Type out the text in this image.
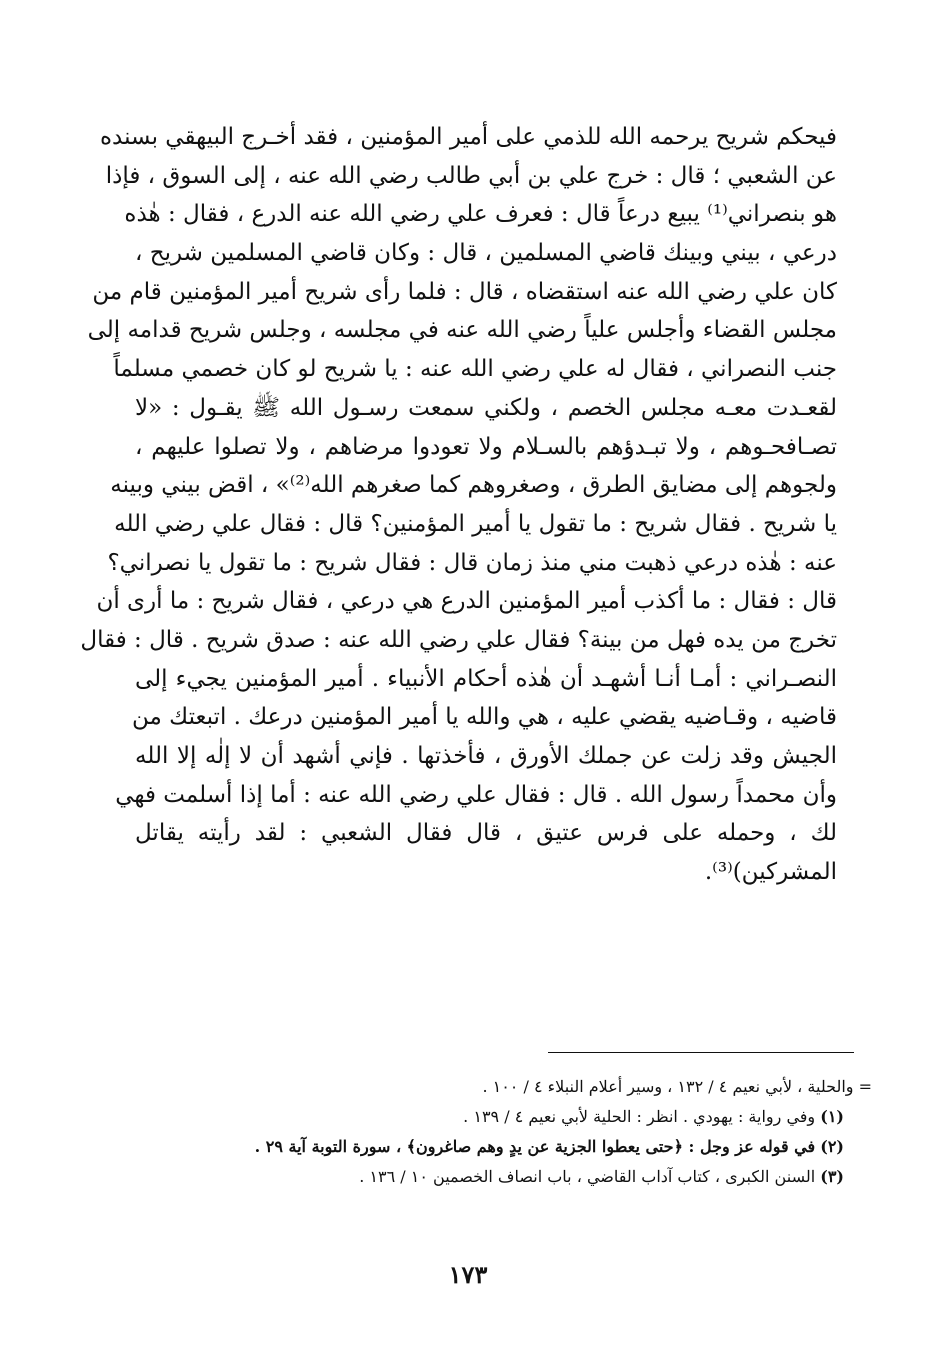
فيحكم شريح يرحمه الله للذمي على أمير المؤمنين ، فقد أخـرج البيهقي بسنده
عن الشعبي ؛ قال : خرج علي بن أبي طالب رضي الله عنه ، إلى السوق ، فإذا
هو بنصراني⁽¹⁾ يبيع درعاً قال : فعرف علي رضي الله عنه الدرع ، فقال : هٰذه
درعي ، بيني وبينك قاضي المسلمين ، قال : وكان قاضي المسلمين شريح ،
كان علي رضي الله عنه استقضاه ، قال : فلما رأى شريح أمير المؤمنين قام من
مجلس القضاء وأجلس علياً رضي الله عنه في مجلسه ، وجلس شريح قدامه إلى
جنب النصراني ، فقال له علي رضي الله عنه : يا شريح لو كان خصمي مسلماً
لقعـدت معـه مجلس الخصم ، ولكني سمعت رسـول الله ﷺ يقـول : «لا
تصـافحـوهم ، ولا تبـدؤهم بالسـلام ولا تعودوا مرضاهم ، ولا تصلوا عليهم ،
ولجوهم إلى مضايق الطرق ، وصغروهم كما صغرهم الله⁽²⁾» ، اقض بيني وبينه
يا شريح . فقال شريح : ما تقول يا أمير المؤمنين؟ قال : فقال علي رضي الله
عنه : هٰذه درعي ذهبت مني منذ زمان قال : فقال شريح : ما تقول يا نصراني؟
قال : فقال : ما أكذب أمير المؤمنين الدرع هي درعي ، فقال شريح : ما أرى أن
تخرج من يده فهل من بينة؟ فقال علي رضي الله عنه : صدق شريح . قال : فقال
النصـراني : أمـا أنـا أشهـد أن هٰذه أحكام الأنبياء . أمير المؤمنين يجيء إلى
قاضيه ، وقـاضيه يقضي عليه ، هي والله يا أمير المؤمنين درعك . اتبعتك من
الجيش وقد زلت عن جملك الأورق ، فأخذتها . فإني أشهد أن لا إلٰه إلا الله
وأن محمداً رسول الله . قال : فقال علي رضي الله عنه : أما إذا أسلمت فهي
لك ، وحمله على فرس عتيق ، قال فقال الشعبي : لقد رأيته يقاتل
المشركين)⁽³⁾.
= والحلية ، لأبي نعيم ٤ / ١٣٢ ، وسير أعلام النبلاء ٤ / ١٠٠ .
(١) وفي رواية : يهودي . انظر : الحلية لأبي نعيم ٤ / ١٣٩ .
(٢) في قوله عز وجل : ﴿حتى يعطوا الجزية عن يدٍ وهم صاغرون﴾ ، سورة التوبة آية ٢٩ .
(٣) السنن الكبرى ، كتاب آداب القاضي ، باب انصاف الخصمين ١٠ / ١٣٦ .
١٧٣
